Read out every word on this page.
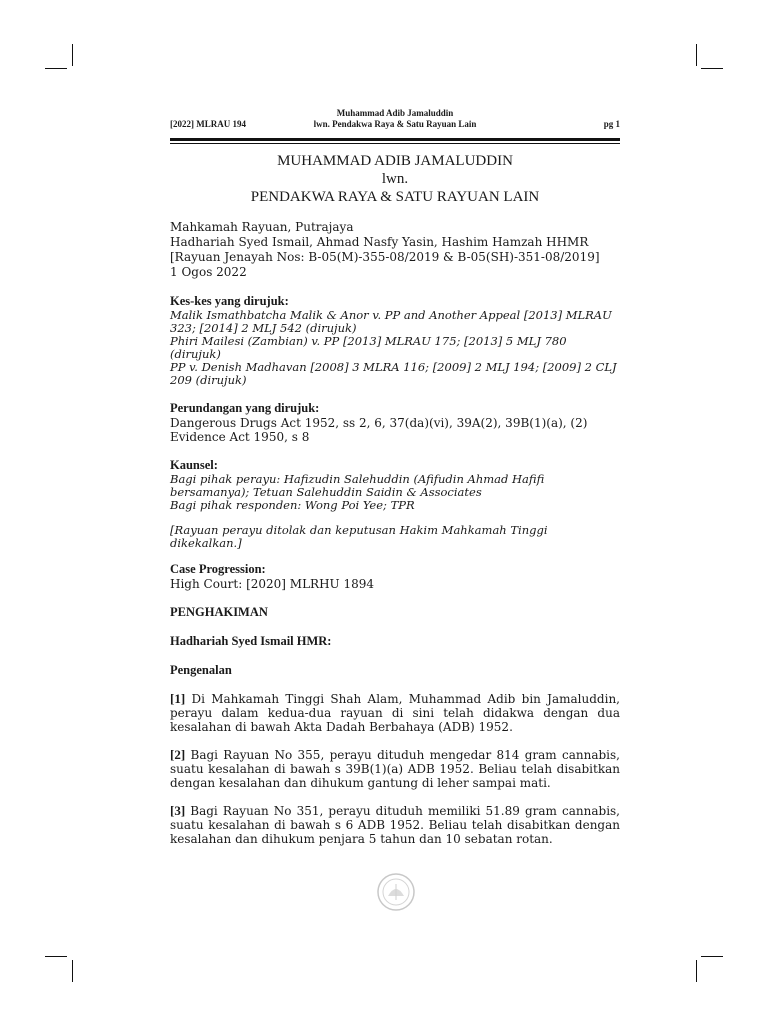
[2022] MLRAU 194
Muhammad Adib Jamaluddin
lwn. Pendakwa Raya & Satu Rayuan Lain	pg 1
MUHAMMAD ADIB JAMALUDDIN
lwn.
PENDAKWA RAYA & SATU RAYUAN LAIN
Mahkamah Rayuan, Putrajaya
Hadhariah Syed Ismail, Ahmad Nasfy Yasin, Hashim Hamzah HHMR
[Rayuan Jenayah Nos: B-05(M)-355-08/2019 & B-05(SH)-351-08/2019]
1 Ogos 2022
Kes-kes yang dirujuk:
Malik Ismathbatcha Malik & Anor v. PP and Another Appeal [2013] MLRAU 323; [2014] 2 MLJ 542 (dirujuk)
Phiri Mailesi (Zambian) v. PP [2013] MLRAU 175; [2013] 5 MLJ 780 (dirujuk)
PP v. Denish Madhavan [2008] 3 MLRA 116; [2009] 2 MLJ 194; [2009] 2 CLJ 209 (dirujuk)
Perundangan yang dirujuk:
Dangerous Drugs Act 1952, ss 2, 6, 37(da)(vi), 39A(2), 39B(1)(a), (2)
Evidence Act 1950, s 8
Kaunsel:
Bagi pihak perayu: Hafizudin Salehuddin (Afifudin Ahmad Hafifi bersamanya); Tetuan Salehuddin Saidin & Associates
Bagi pihak responden: Wong Poi Yee; TPR
[Rayuan perayu ditolak dan keputusan Hakim Mahkamah Tinggi dikekalkan.]
Case Progression:
High Court: [2020] MLRHU 1894
PENGHAKIMAN
Hadhariah Syed Ismail HMR:
Pengenalan

[1] Di Mahkamah Tinggi Shah Alam, Muhammad Adib bin Jamaluddin, perayu dalam kedua-dua rayuan di sini telah didakwa dengan dua kesalahan di bawah Akta Dadah Berbahaya (ADB) 1952.

[2] Bagi Rayuan No 355, perayu dituduh mengedar 814 gram cannabis, suatu kesalahan di bawah s 39B(1)(a) ADB 1952. Beliau telah disabitkan dengan kesalahan dan dihukum gantung di leher sampai mati.

[3] Bagi Rayuan No 351, perayu dituduh memiliki 51.89 gram cannabis, suatu kesalahan di bawah s 6 ADB 1952. Beliau telah disabitkan dengan kesalahan dan dihukum penjara 5 tahun dan 10 sebatan rotan.
